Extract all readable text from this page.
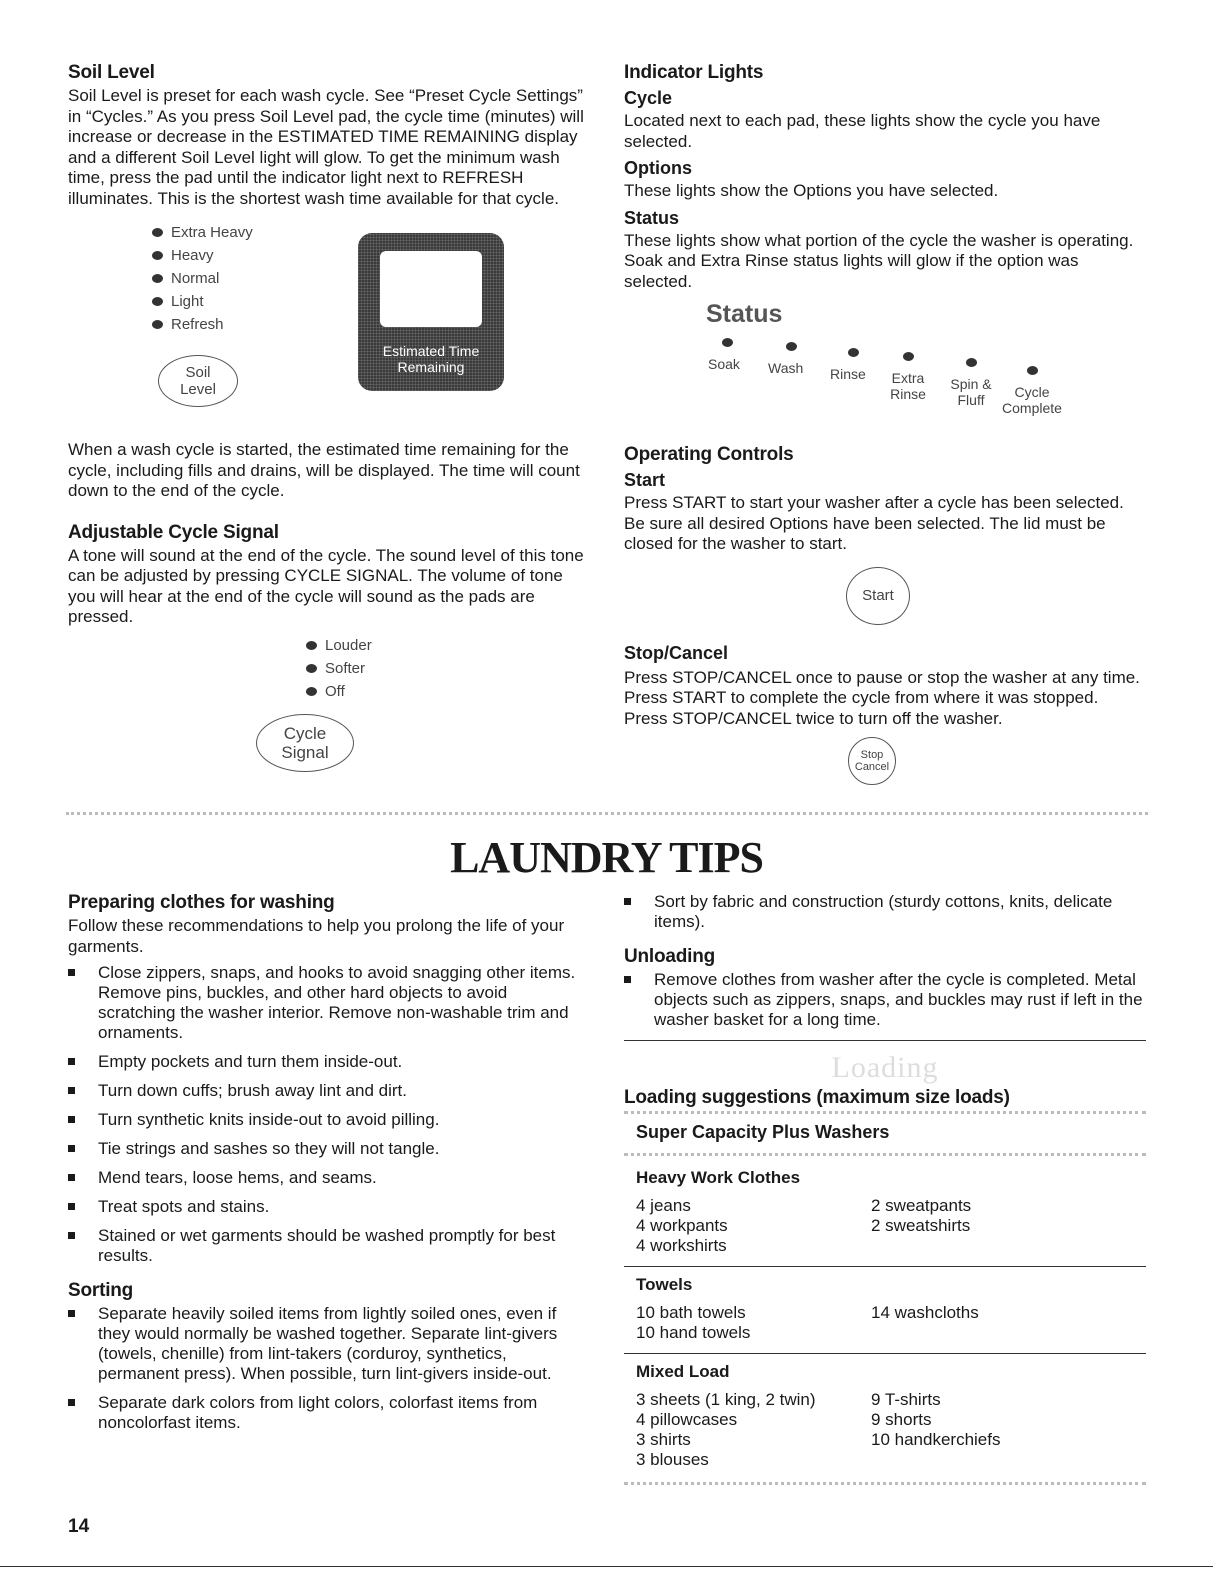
Soil Level

Soil Level is preset for each wash cycle. See “Preset Cycle Settings” in “Cycles.” As you press Soil Level pad, the cycle time (minutes) will increase or decrease in the ESTIMATED TIME REMAINING display and a different Soil Level light will glow. To get the minimum wash time, press the pad until the indicator light next to REFRESH illuminates. This is the shortest wash time available for that cycle.

Extra Heavy
Heavy
Normal
Light
Refresh
Soil
Level
Estimated Time
Remaining

When a wash cycle is started, the estimated time remaining for the cycle, including fills and drains, will be displayed. The time will count down to the end of the cycle.

Adjustable Cycle Signal

A tone will sound at the end of the cycle. The sound level of this tone can be adjusted by pressing CYCLE SIGNAL. The volume of tone you will hear at the end of the cycle will sound as the pads are pressed.

Louder
Softer
Off
Cycle
Signal
Indicator Lights
Cycle

Located next to each pad, these lights show the cycle you have selected.

Options

These lights show the Options you have selected.

Status

These lights show what portion of the cycle the washer is operating. Soak and Extra Rinse status lights will glow if the option was selected.

Status
Soak Wash Rinse Extra Rinse
Spin & Fluff	Cycle Complete
Operating Controls
Start

Press START to start your washer after a cycle has been selected. Be sure all desired Options have been selected. The lid must be closed for the washer to start.

Start
Stop/Cancel

Press STOP/CANCEL once to pause or stop the washer at any time. Press START to complete the cycle from where it was stopped. Press STOP/CANCEL twice to turn off the washer.

Stop
Cancel
LAUNDRY TIPS
Preparing clothes for washing

Follow these recommendations to help you prolong the life of your garments.

Close zippers, snaps, and hooks to avoid snagging other items. Remove pins, buckles, and other hard objects to avoid scratching the washer interior. Remove non-washable trim and ornaments.
Empty pockets and turn them inside-out.
Turn down cuffs; brush away lint and dirt.
Turn synthetic knits inside-out to avoid pilling.
Tie strings and sashes so they will not tangle.
Mend tears, loose hems, and seams.
Treat spots and stains.
Stained or wet garments should be washed promptly for best results.
Sorting
Separate heavily soiled items from lightly soiled ones, even if they would normally be washed together. Separate lint-givers (towels, chenille) from lint-takers (corduroy, synthetics, permanent press). When possible, turn lint-givers inside-out.
Separate dark colors from light colors, colorfast items from noncolorfast items.
Sort by fabric and construction (sturdy cottons, knits, delicate items).
Unloading
Remove clothes from washer after the cycle is completed. Metal objects such as zippers, snaps, and buckles may rust if left in the washer basket for a long time.
Loading
Loading suggestions (maximum size loads)
Super Capacity Plus Washers
Heavy Work Clothes
4 jeans	2 sweatpants
4 workpants	2 sweatshirts
4 workshirts
Towels
10 bath towels	14 washcloths
10 hand towels
Mixed Load
3 sheets (1 king, 2 twin)	9 T-shirts
4 pillowcases	9 shorts
3 shirts	10 handkerchiefs
3 blouses
14
